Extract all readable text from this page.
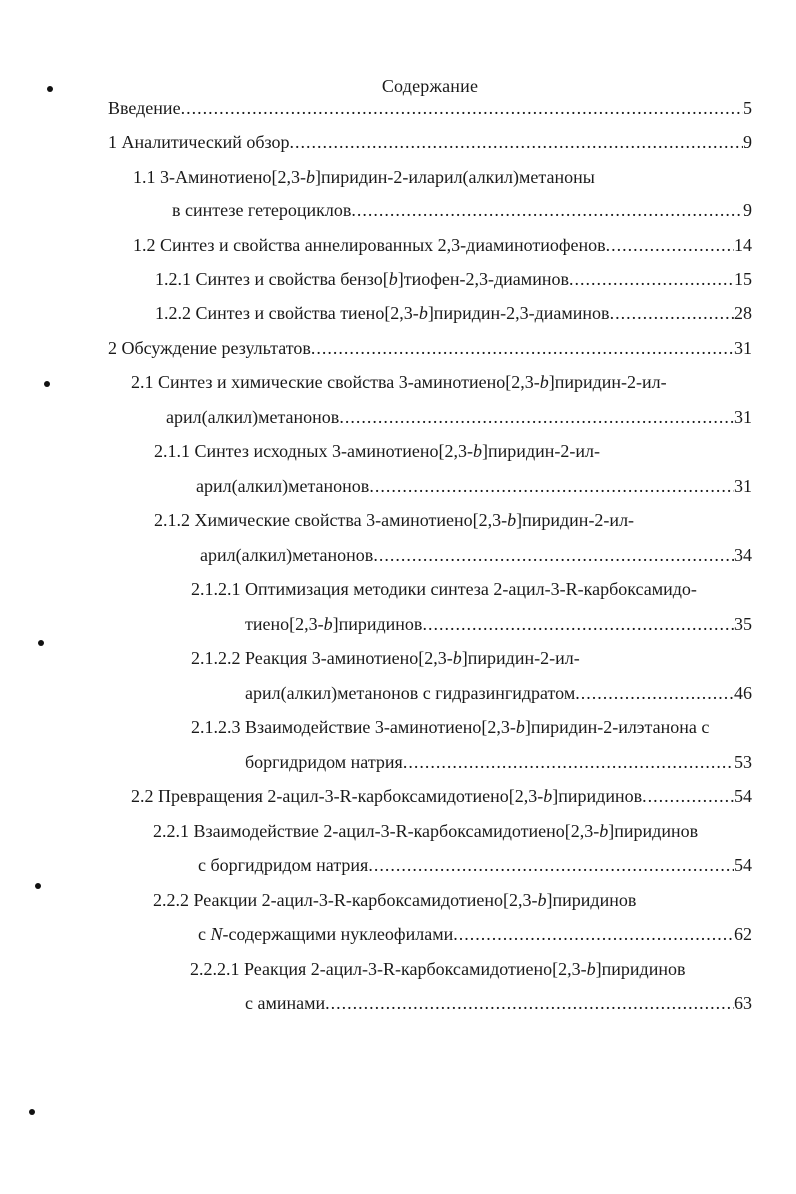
Содержание
Введение .....	5
1 Аналитический обзор .....	9
1.1 3-Аминотиено[2,3-b]пиридин-2-иларил(алкил)метаноны
в синтезе гетероциклов .....	9
1.2 Синтез и свойства аннелированных 2,3-диаминотиофенов .....	14
1.2.1 Синтез и свойства бензо[b]тиофен-2,3-диаминов .....	15
1.2.2 Синтез и свойства тиено[2,3-b]пиридин-2,3-диаминов .....	28
2 Обсуждение результатов .....	31
2.1 Синтез и химические свойства 3-аминотиено[2,3-b]пиридин-2-ил-
арил(алкил)метанонов .....	31
2.1.1 Синтез исходных 3-аминотиено[2,3-b]пиридин-2-ил-
арил(алкил)метанонов .....	31
2.1.2 Химические свойства 3-аминотиено[2,3-b]пиридин-2-ил-
арил(алкил)метанонов .....	34
2.1.2.1 Оптимизация методики синтеза 2-ацил-3-R-карбоксамидо-
тиено[2,3-b]пиридинов .....	35
2.1.2.2 Реакция 3-аминотиено[2,3-b]пиридин-2-ил-
арил(алкил)метанонов с гидразингидратом .....	46
2.1.2.3 Взаимодействие 3-аминотиено[2,3-b]пиридин-2-илэтанона с
боргидридом натрия .....	53
2.2 Превращения 2-ацил-3-R-карбоксамидотиено[2,3-b]пиридинов .....	54
2.2.1 Взаимодействие 2-ацил-3-R-карбоксамидотиено[2,3-b]пиридинов
с боргидридом натрия .....	54
2.2.2 Реакции 2-ацил-3-R-карбоксамидотиено[2,3-b]пиридинов
с N-содержащими нуклеофилами .....	62
2.2.2.1 Реакция 2-ацил-3-R-карбоксамидотиено[2,3-b]пиридинов
с аминами .....	63
